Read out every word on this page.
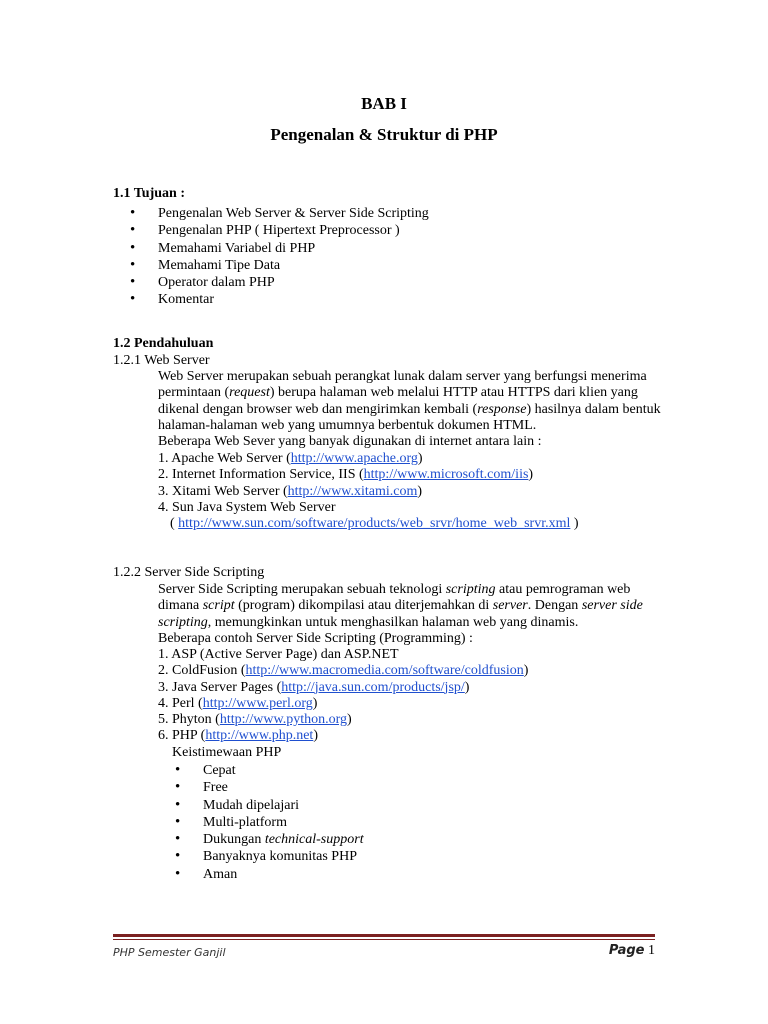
BAB I
Pengenalan & Struktur di PHP
1.1 Tujuan :
• Pengenalan Web Server & Server Side Scripting
• Pengenalan PHP ( Hipertext Preprocessor )
• Memahami Variabel di PHP
• Memahami Tipe Data
• Operator dalam PHP
• Komentar
1.2 Pendahuluan
1.2.1 Web Server
Web Server merupakan sebuah perangkat lunak dalam server yang berfungsi menerima
permintaan (request) berupa halaman web melalui HTTP atau HTTPS dari klien yang
dikenal dengan browser web dan mengirimkan kembali (response) hasilnya dalam bentuk
halaman-halaman web yang umumnya berbentuk dokumen HTML.
Beberapa Web Sever yang banyak digunakan di internet antara lain :
1. Apache Web Server (http://www.apache.org)
2. Internet Information Service, IIS (http://www.microsoft.com/iis)
3. Xitami Web Server (http://www.xitami.com)
4. Sun Java System Web Server
( http://www.sun.com/software/products/web_srvr/home_web_srvr.xml )
1.2.2 Server Side Scripting
Server Side Scripting merupakan sebuah teknologi scripting atau pemrograman web
dimana script (program) dikompilasi atau diterjemahkan di server. Dengan server side
scripting, memungkinkan untuk menghasilkan halaman web yang dinamis.
Beberapa contoh Server Side Scripting (Programming) :
1. ASP (Active Server Page) dan ASP.NET
2. ColdFusion (http://www.macromedia.com/software/coldfusion)
3. Java Server Pages (http://java.sun.com/products/jsp/)
4. Perl (http://www.perl.org)
5. Phyton (http://www.python.org)
6. PHP (http://www.php.net)
Keistimewaan PHP
• Cepat
• Free
• Mudah dipelajari
• Multi-platform
• Dukungan technical-support
• Banyaknya komunitas PHP
• Aman
PHP Semester Ganjil	Page 1
